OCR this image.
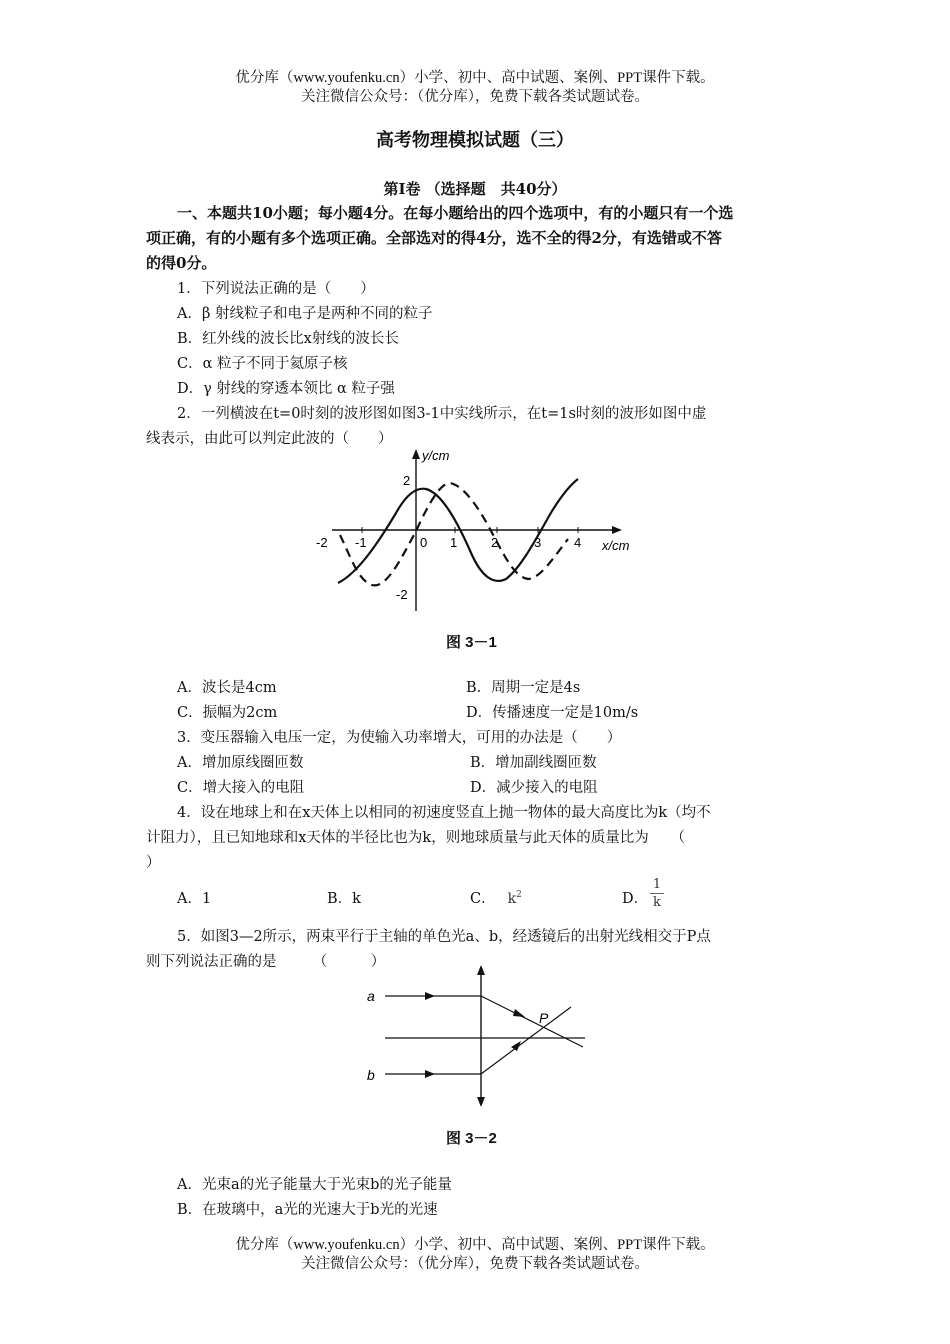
优分库（www.youfenku.cn）小学、初中、高中试题、案例、PPT课件下载。
关注微信公众号：（优分库），免费下载各类试题试卷。
高考物理模拟试题（三）
第Ⅰ卷 （选择题　共40分）
一、本题共10小题；每小题4分。在每小题给出的四个选项中，有的小题只有一个选
项正确，有的小题有多个选项正确。全部选对的得4分，选不全的得2分，有选错或不答
的得0分。
1．下列说法正确的是（　　）
A．β 射线粒子和电子是两种不同的粒子
B．红外线的波长比x射线的波长长
C．α 粒子不同于氦原子核
D．γ 射线的穿透本领比 α 粒子强
2．一列横波在t=0时刻的波形图如图3-1中实线所示，在t=1s时刻的波形如图中虚
线表示，由此可以判定此波的（　　）
y/cm
x/cm
2
-2
-2 -1	0 1	2	3	4
图 3－1
A．波长是4cm	B．周期一定是4s
C．振幅为2cm	D．传播速度一定是10m/s
3．变压器输入电压一定，为使输入功率增大，可用的办法是（　　）
A．增加原线圈匝数	B．增加副线圈匝数
C．增大接入的电阻	D．减少接入的电阻
4．设在地球上和在x天体上以相同的初速度竖直上抛一物体的最大高度比为k（均不
计阻力），且已知地球和x天体的半径比也为k，则地球质量与此天体的质量比为　　（
）
A．1	B．k	C． $k^2$	D．
1
k
5．如图3—2所示，两束平行于主轴的单色光a、b，经透镜后的出射光线相交于P点
则下列说法正确的是　　　（　　　）
a
b
P
图 3－2
A．光束a的光子能量大于光束b的光子能量
B．在玻璃中，a光的光速大于b光的光速
优分库（www.youfenku.cn）小学、初中、高中试题、案例、PPT课件下载。
关注微信公众号：（优分库），免费下载各类试题试卷。
